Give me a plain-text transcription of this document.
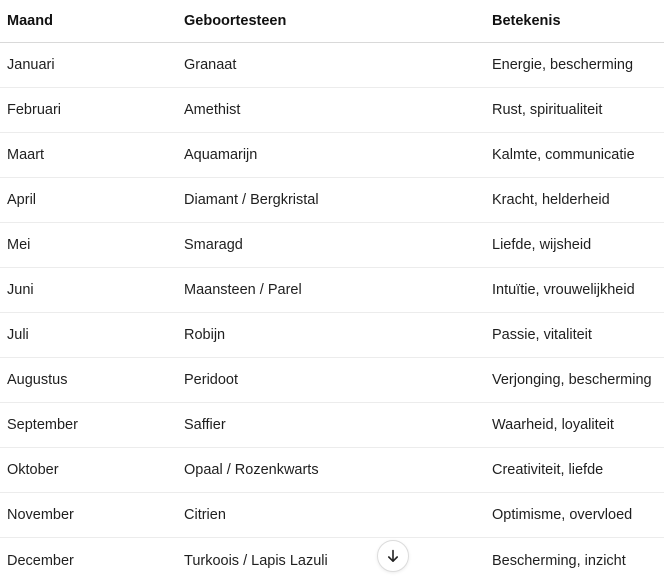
Maand	Geboortesteen	Betekenis
Januari	Granaat	Energie, bescherming
Februari	Amethist	Rust, spiritualiteit
Maart	Aquamarijn	Kalmte, communicatie
April	Diamant / Bergkristal	Kracht, helderheid
Mei	Smaragd	Liefde, wijsheid
Juni	Maansteen / Parel	Intuïtie, vrouwelijkheid
Juli	Robijn	Passie, vitaliteit
Augustus	Peridoot	Verjonging, bescherming
September	Saffier	Waarheid, loyaliteit
Oktober	Opaal / Rozenkwarts	Creativiteit, liefde
November	Citrien	Optimisme, overvloed
December	Turkoois / Lapis Lazuli	Bescherming, inzicht
